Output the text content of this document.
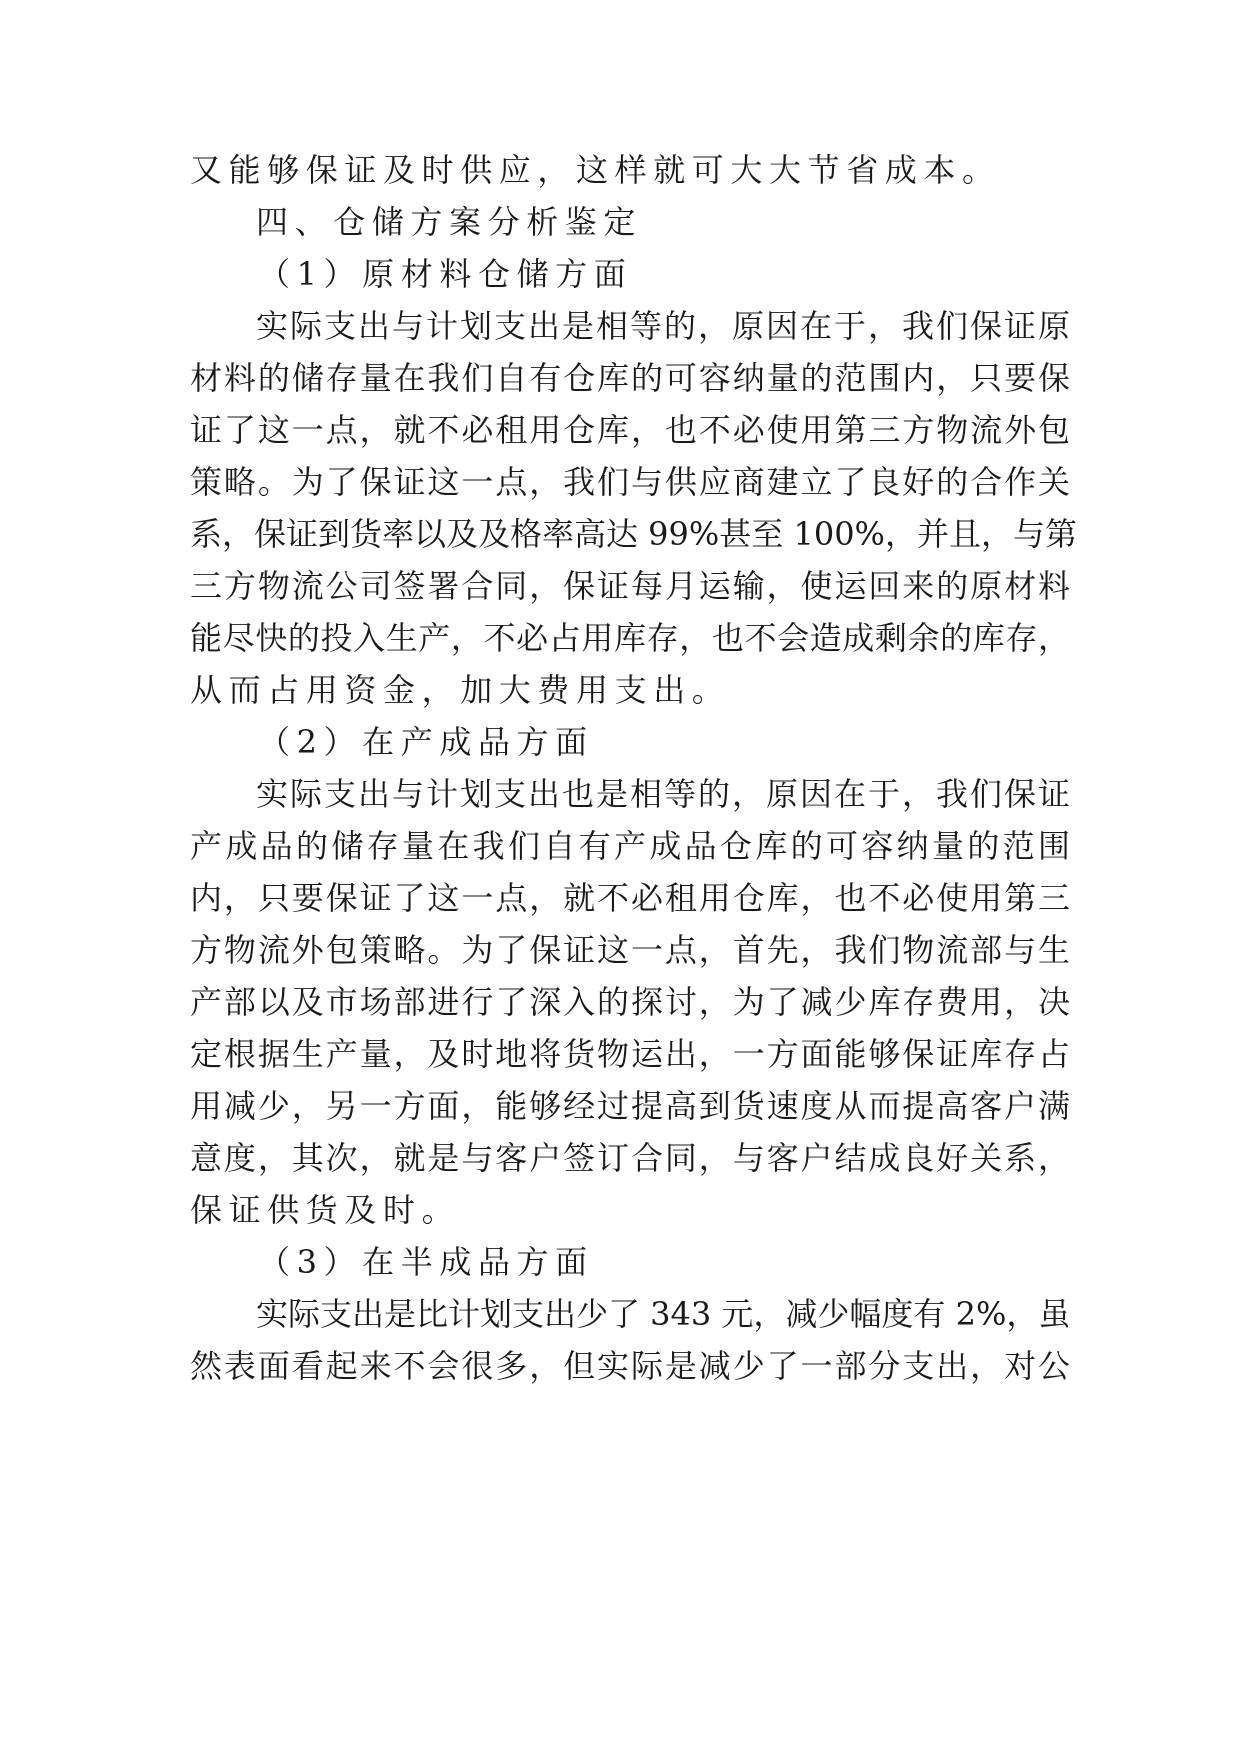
又能够保证及时供应，这样就可大大节省成本。
四、仓储方案分析鉴定
（1）原材料仓储方面
实际支出与计划支出是相等的，原因在于，我们保证原
材料的储存量在我们自有仓库的可容纳量的范围内，只要保
证了这一点，就不必租用仓库，也不必使用第三方物流外包
策略。为了保证这一点，我们与供应商建立了良好的合作关
系，保证到货率以及及格率高达 99%甚至 100%，并且，与第
三方物流公司签署合同，保证每月运输，使运回来的原材料
能尽快的投入生产，不必占用库存，也不会造成剩余的库存，
从而占用资金，加大费用支出。
（2）在产成品方面
实际支出与计划支出也是相等的，原因在于，我们保证
产成品的储存量在我们自有产成品仓库的可容纳量的范围
内，只要保证了这一点，就不必租用仓库，也不必使用第三
方物流外包策略。为了保证这一点，首先，我们物流部与生
产部以及市场部进行了深入的探讨，为了减少库存费用，决
定根据生产量，及时地将货物运出，一方面能够保证库存占
用减少，另一方面，能够经过提高到货速度从而提高客户满
意度，其次，就是与客户签订合同，与客户结成良好关系，
保证供货及时。
（3）在半成品方面
实际支出是比计划支出少了 343 元，减少幅度有 2%，虽
然表面看起来不会很多，但实际是减少了一部分支出，对公
